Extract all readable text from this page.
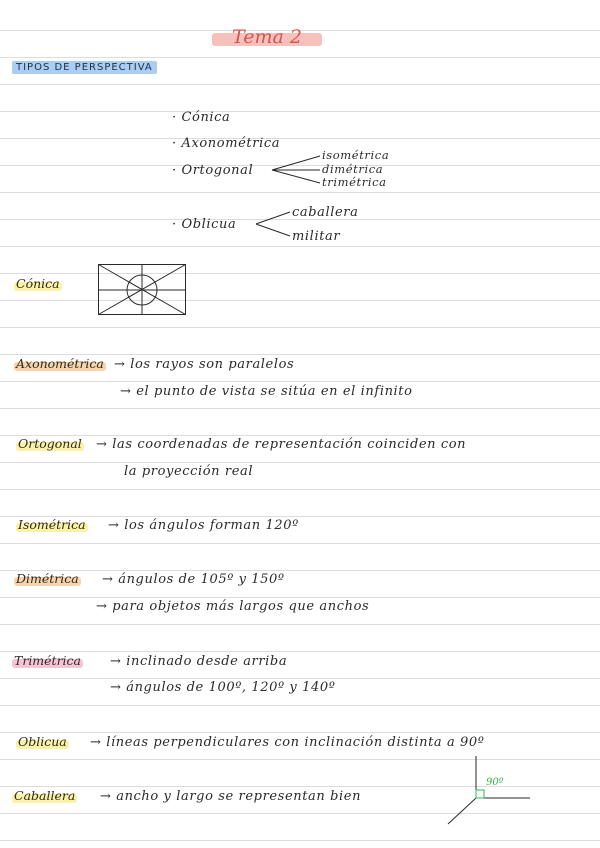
Tema 2
TIPOS DE PERSPECTIVA
· Cónica
· Axonométrica
· Ortogonal
· Oblicua
isométrica
dimétrica
trimétrica
caballera
militar
Cónica
Axonométrica → los rayos son paralelos
→ el punto de vista se sitúa en el infinito
Ortogonal → las coordenadas de representación coinciden con
la proyección real
Isométrica → los ángulos forman 120º
Dimétrica → ángulos de 105º y 150º
→ para objetos más largos que anchos
Trimétrica → inclinado desde arriba
→ ángulos de 100º, 120º y 140º
Oblicua → líneas perpendiculares con inclinación distinta a 90º
Caballera → ancho y largo se representan bien
90º
